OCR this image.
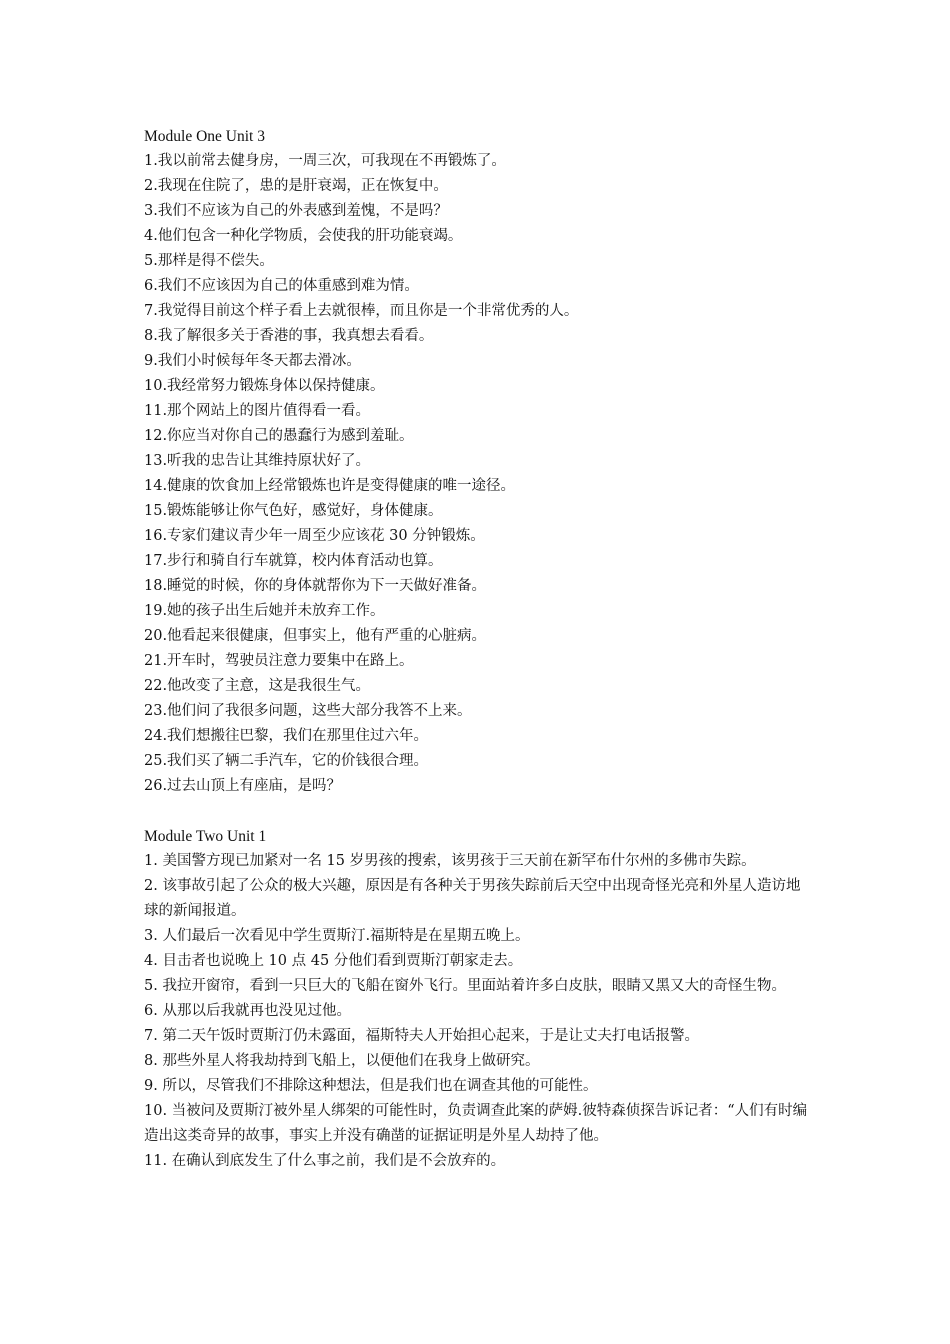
Module One Unit 3

1.我以前常去健身房，一周三次，可我现在不再锻炼了。

2.我现在住院了，患的是肝衰竭，正在恢复中。

3.我们不应该为自己的外表感到羞愧，不是吗？

4.他们包含一种化学物质，会使我的肝功能衰竭。

5.那样是得不偿失。

6.我们不应该因为自己的体重感到难为情。

7.我觉得目前这个样子看上去就很棒，而且你是一个非常优秀的人。

8.我了解很多关于香港的事，我真想去看看。

9.我们小时候每年冬天都去滑冰。

10.我经常努力锻炼身体以保持健康。

11.那个网站上的图片值得看一看。

12.你应当对你自己的愚蠢行为感到羞耻。

13.听我的忠告让其维持原状好了。

14.健康的饮食加上经常锻炼也许是变得健康的唯一途径。

15.锻炼能够让你气色好，感觉好，身体健康。

16.专家们建议青少年一周至少应该花 30 分钟锻炼。

17.步行和骑自行车就算，校内体育活动也算。

18.睡觉的时候，你的身体就帮你为下一天做好准备。

19.她的孩子出生后她并未放弃工作。

20.他看起来很健康，但事实上，他有严重的心脏病。

21.开车时，驾驶员注意力要集中在路上。

22.他改变了主意，这是我很生气。

23.他们问了我很多问题，这些大部分我答不上来。

24.我们想搬往巴黎，我们在那里住过六年。

25.我们买了辆二手汽车，它的价钱很合理。

26.过去山顶上有座庙，是吗？

Module Two Unit 1

1. 美国警方现已加紧对一名 15 岁男孩的搜索，该男孩于三天前在新罕布什尔州的多佛市失踪。

2. 该事故引起了公众的极大兴趣，原因是有各种关于男孩失踪前后天空中出现奇怪光亮和外星人造访地球的新闻报道。

3. 人们最后一次看见中学生贾斯汀.福斯特是在星期五晚上。

4. 目击者也说晚上 10 点 45 分他们看到贾斯汀朝家走去。

5. 我拉开窗帘，看到一只巨大的飞船在窗外飞行。里面站着许多白皮肤，眼睛又黑又大的奇怪生物。

6. 从那以后我就再也没见过他。

7. 第二天午饭时贾斯汀仍未露面，福斯特夫人开始担心起来，于是让丈夫打电话报警。

8. 那些外星人将我劫持到飞船上，以便他们在我身上做研究。

9. 所以，尽管我们不排除这种想法，但是我们也在调查其他的可能性。

10. 当被问及贾斯汀被外星人绑架的可能性时，负责调查此案的萨姆.彼特森侦探告诉记者：“人们有时编造出这类奇异的故事，事实上并没有确凿的证据证明是外星人劫持了他。

11. 在确认到底发生了什么事之前，我们是不会放弃的。
